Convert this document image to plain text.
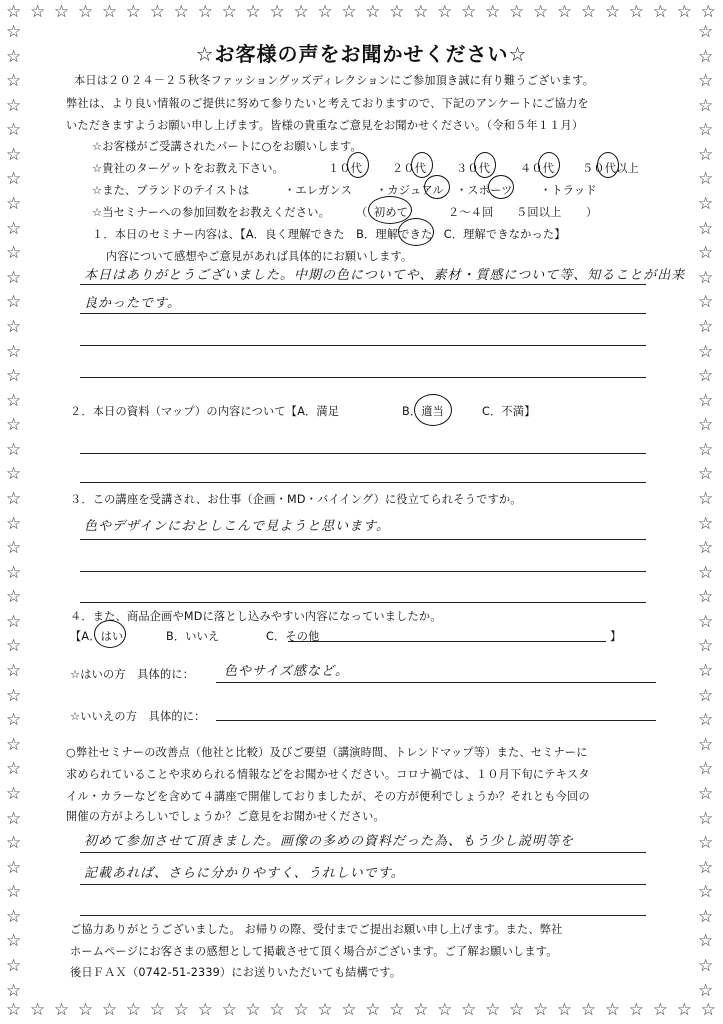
☆ ☆ ☆ ☆ ☆ ☆ ☆ ☆ ☆ ☆ ☆ ☆ ☆ ☆ ☆ ☆ ☆ ☆ ☆ ☆ ☆ ☆ ☆ ☆ ☆ ☆ ☆ ☆ ☆ ☆
☆ ☆ ☆ ☆ ☆ ☆ ☆ ☆ ☆ ☆ ☆ ☆ ☆ ☆ ☆ ☆ ☆ ☆ ☆ ☆ ☆ ☆ ☆ ☆ ☆ ☆ ☆ ☆ ☆ ☆
☆
☆
☆
☆
☆
☆
☆
☆
☆
☆
☆
☆
☆
☆
☆
☆
☆
☆
☆
☆
☆
☆
☆
☆
☆
☆
☆
☆
☆
☆
☆
☆
☆
☆
☆
☆
☆
☆
☆
☆
☆
☆
☆
☆
☆
☆
☆
☆
☆
☆
☆
☆
☆
☆
☆
☆
☆
☆
☆
☆
☆
☆
☆
☆
☆
☆
☆
☆
☆
☆
☆
☆
☆
☆
☆
☆
☆
☆
☆
☆
☆お客様の声をお聞かせください☆
本日は２０２４－２５秋冬ファッショングッズディレクションにご参加頂き誠に有り難うございます。
弊社は、より良い情報のご提供に努めて参りたいと考えておりますので、下記のアンケートにご協力を
いただきますようお願い申し上げます。皆様の貴重なご意見をお聞かせください。（令和５年１１月）
☆お客様がご受講されたパートに○をお願いします。
☆貴社のターゲットをお教え下さい。	１０代	２０代	３０代	４０代 ５０代以上
☆また、ブランドのテイストは	・エレガンス ・カジュアル ・スポーツ ・トラッド
☆当セミナーへの参加回数をお教えください。 （ 初めて	２～４回 ５回以上 ）
１．本日のセミナー内容は、【A．良く理解できた　B．理解できた　C．理解できなかった】
内容について感想やご意見があれば具体的にお願いします。
本日はありがとうございました。中期の色についてや、素材・質感について等、知ることが出来
良かったです。
２．本日の資料（マップ）の内容について【A．満足	B．適当	C．不満】
３．この講座を受講され、お仕事（企画・MD・バイイング）に役立てられそうですか。
色やデザインにおとしこんで見ようと思います。
４．また、商品企画やMDに落とし込みやすい内容になっていましたか。
【A．はい	B．いいえ	C．その他	】
☆はいの方　具体的に： 色やサイズ感など。
☆いいえの方　具体的に：
○弊社セミナーの改善点（他社と比較）及びご要望（講演時間、トレンドマップ等）また、セミナーに
求められていることや求められる情報などをお聞かせください。コロナ禍では、１０月下旬にテキスタ
イル・カラーなどを含めて４講座で開催しておりましたが、その方が便利でしょうか？それとも今回の
開催の方がよろしいでしょうか？ご意見をお聞かせください。
初めて参加させて頂きました。画像の多めの資料だった為、もう少し説明等を
記載あれば、さらに分かりやすく、うれしいです。
ご協力ありがとうございました。 お帰りの際、受付までご提出お願い申し上げます。また、弊社
ホームページにお客さまの感想として掲載させて頂く場合がございます。ご了解お願いします。
後日ＦＡＸ（0742-51-2339）にお送りいただいても結構です。
